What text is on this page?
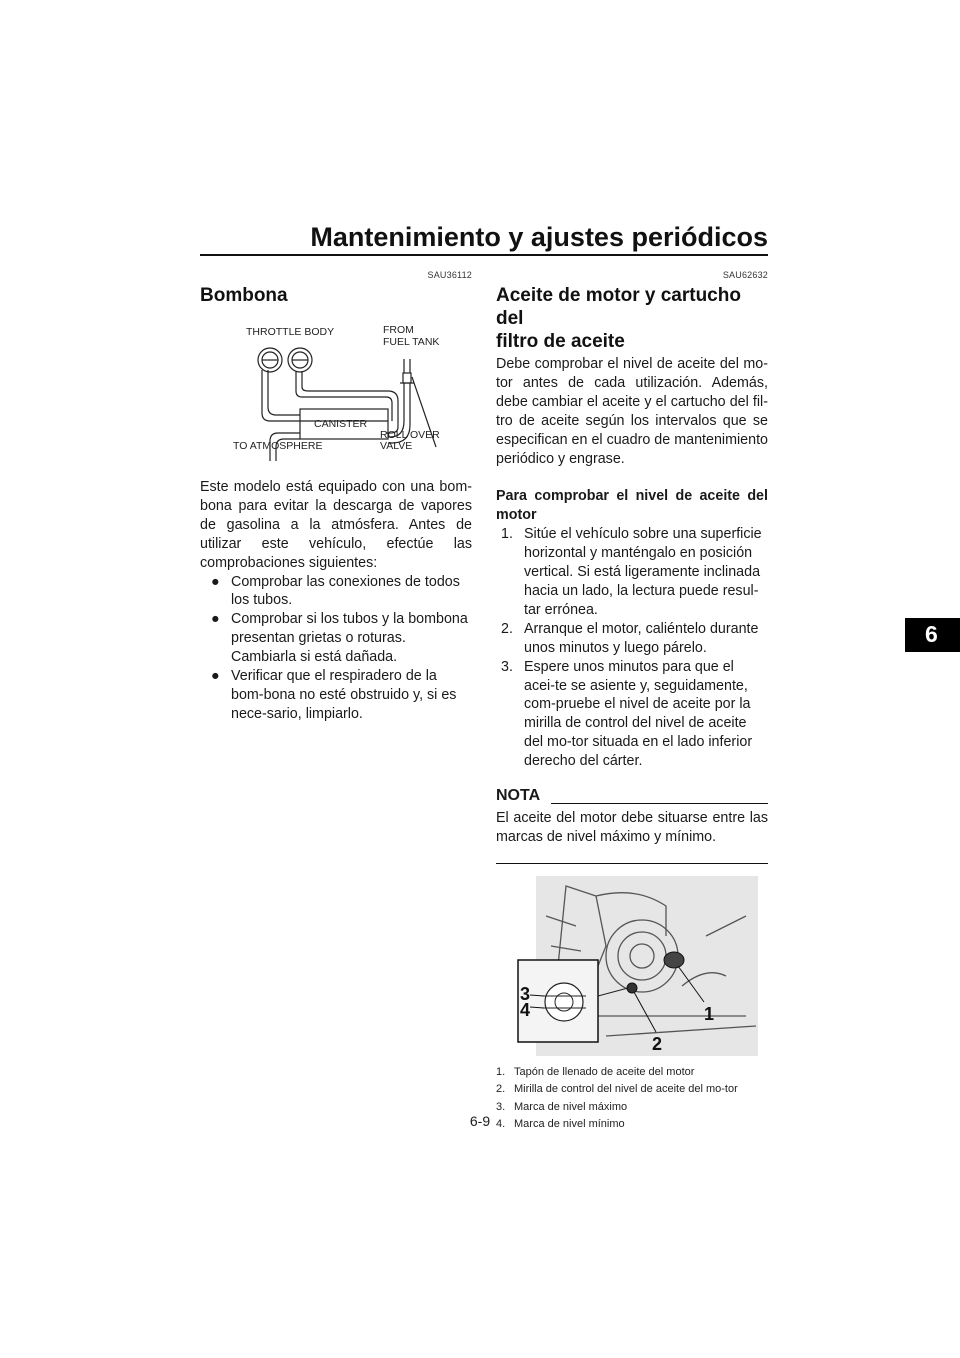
Mantenimiento y ajustes periódicos
6
SAU36112
Bombona
THROTTLE BODY	FROM
FUEL TANK
CANISTER
ROLL OVER
VALVE
TO ATMOSPHERE

Este modelo está equipado con una bom-bona para evitar la descarga de vapores de gasolina a la atmósfera. Antes de utilizar este vehículo, efectúe las comprobaciones siguientes:

● Comprobar las conexiones de todos los tubos.
● Comprobar si los tubos y la bombona presentan grietas o roturas. Cambiarla si está dañada.
● Verificar que el respiradero de la bom-bona no esté obstruido y, si es nece-sario, limpiarlo.
SAU62632
Aceite de motor y cartucho del
filtro de aceite

Debe comprobar el nivel de aceite del mo-tor antes de cada utilización. Además, debe cambiar el aceite y el cartucho del fil-tro de aceite según los intervalos que se especifican en el cuadro de mantenimiento periódico y engrase.

Para comprobar el nivel de aceite del motor
1. Sitúe el vehículo sobre una superficie horizontal y manténgalo en posición vertical. Si está ligeramente inclinada hacia un lado, la lectura puede resul-tar errónea.
2. Arranque el motor, caliéntelo durante unos minutos y luego párelo.
3. Espere unos minutos para que el acei-te se asiente y, seguidamente, com-pruebe el nivel de aceite por la mirilla de control del nivel de aceite del mo-tor situada en el lado inferior derecho del cárter.
NOTA

El aceite del motor debe situarse entre las marcas de nivel máximo y mínimo.

3
4
2
1
1. Tapón de llenado de aceite del motor
2. Mirilla de control del nivel de aceite del mo-tor
3. Marca de nivel máximo
4. Marca de nivel mínimo
6-9
